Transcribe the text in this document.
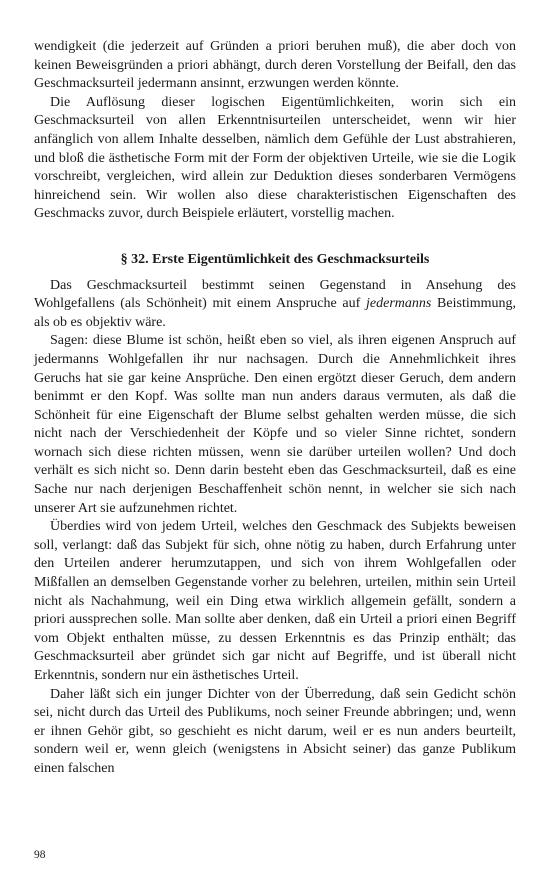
wendigkeit (die jederzeit auf Gründen a priori beruhen muß), die aber doch von keinen Beweisgründen a priori abhängt, durch deren Vorstellung der Beifall, den das Geschmacksurteil jedermann ansinnt, erzwungen werden könnte.

Die Auflösung dieser logischen Eigentümlichkeiten, worin sich ein Geschmacksurteil von allen Erkenntnisurteilen unterscheidet, wenn wir hier anfänglich von allem Inhalte desselben, nämlich dem Gefühle der Lust abstrahieren, und bloß die ästhetische Form mit der Form der objektiven Urteile, wie sie die Logik vorschreibt, vergleichen, wird allein zur Deduktion dieses sonderbaren Vermögens hinreichend sein. Wir wollen also diese charakteristischen Eigenschaften des Geschmacks zuvor, durch Beispiele erläutert, vorstellig machen.

§ 32. Erste Eigentümlichkeit des Geschmacksurteils

Das Geschmacksurteil bestimmt seinen Gegenstand in Ansehung des Wohlgefallens (als Schönheit) mit einem Anspruche auf jedermanns Beistimmung, als ob es objektiv wäre.

Sagen: diese Blume ist schön, heißt eben so viel, als ihren eigenen Anspruch auf jedermanns Wohlgefallen ihr nur nachsagen. Durch die Annehmlichkeit ihres Geruchs hat sie gar keine Ansprüche. Den einen ergötzt dieser Geruch, dem andern benimmt er den Kopf. Was sollte man nun anders daraus vermuten, als daß die Schönheit für eine Eigenschaft der Blume selbst gehalten werden müsse, die sich nicht nach der Verschiedenheit der Köpfe und so vieler Sinne richtet, sondern wornach sich diese richten müssen, wenn sie darüber urteilen wollen? Und doch verhält es sich nicht so. Denn darin besteht eben das Geschmacksurteil, daß es eine Sache nur nach derjenigen Beschaffenheit schön nennt, in welcher sie sich nach unserer Art sie aufzunehmen richtet.

Überdies wird von jedem Urteil, welches den Geschmack des Subjekts beweisen soll, verlangt: daß das Subjekt für sich, ohne nötig zu haben, durch Erfahrung unter den Urteilen anderer herumzutappen, und sich von ihrem Wohlgefallen oder Mißfallen an demselben Gegenstande vorher zu belehren, urteilen, mithin sein Urteil nicht als Nachahmung, weil ein Ding etwa wirklich allgemein gefällt, sondern a priori aussprechen solle. Man sollte aber denken, daß ein Urteil a priori einen Begriff vom Objekt enthalten müsse, zu dessen Erkenntnis es das Prinzip enthält; das Geschmacksurteil aber gründet sich gar nicht auf Begriffe, und ist überall nicht Erkenntnis, sondern nur ein ästhetisches Urteil.

Daher läßt sich ein junger Dichter von der Überredung, daß sein Gedicht schön sei, nicht durch das Urteil des Publikums, noch seiner Freunde abbringen; und, wenn er ihnen Gehör gibt, so geschieht es nicht darum, weil er es nun anders beurteilt, sondern weil er, wenn gleich (wenigstens in Absicht seiner) das ganze Publikum einen falschen

98
